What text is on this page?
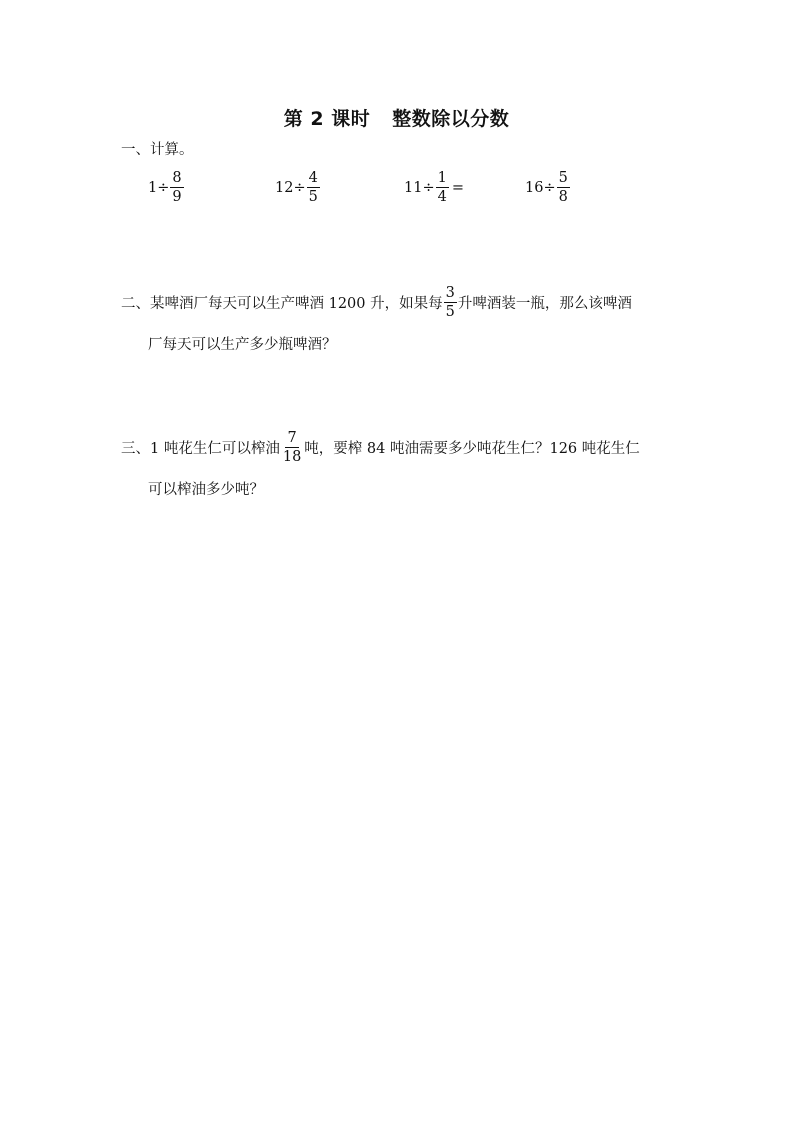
第 2 课时 整数除以分数
一、计算。
$1 \div \frac{8}{9}$	$12 \div \frac{4}{5}$	$11 \div \frac{1}{4}$ =	$16 \div \frac{5}{8}$
二、某啤酒厂每天可以生产啤酒 1200 升，如果每 $\frac{3}{5}$ 升啤酒装一瓶，那么该啤酒
厂每天可以生产多少瓶啤酒？
三、1 吨花生仁可以榨油 $\frac{7}{18}$ 吨，要榨 84 吨油需要多少吨花生仁？126 吨花生仁
可以榨油多少吨？
